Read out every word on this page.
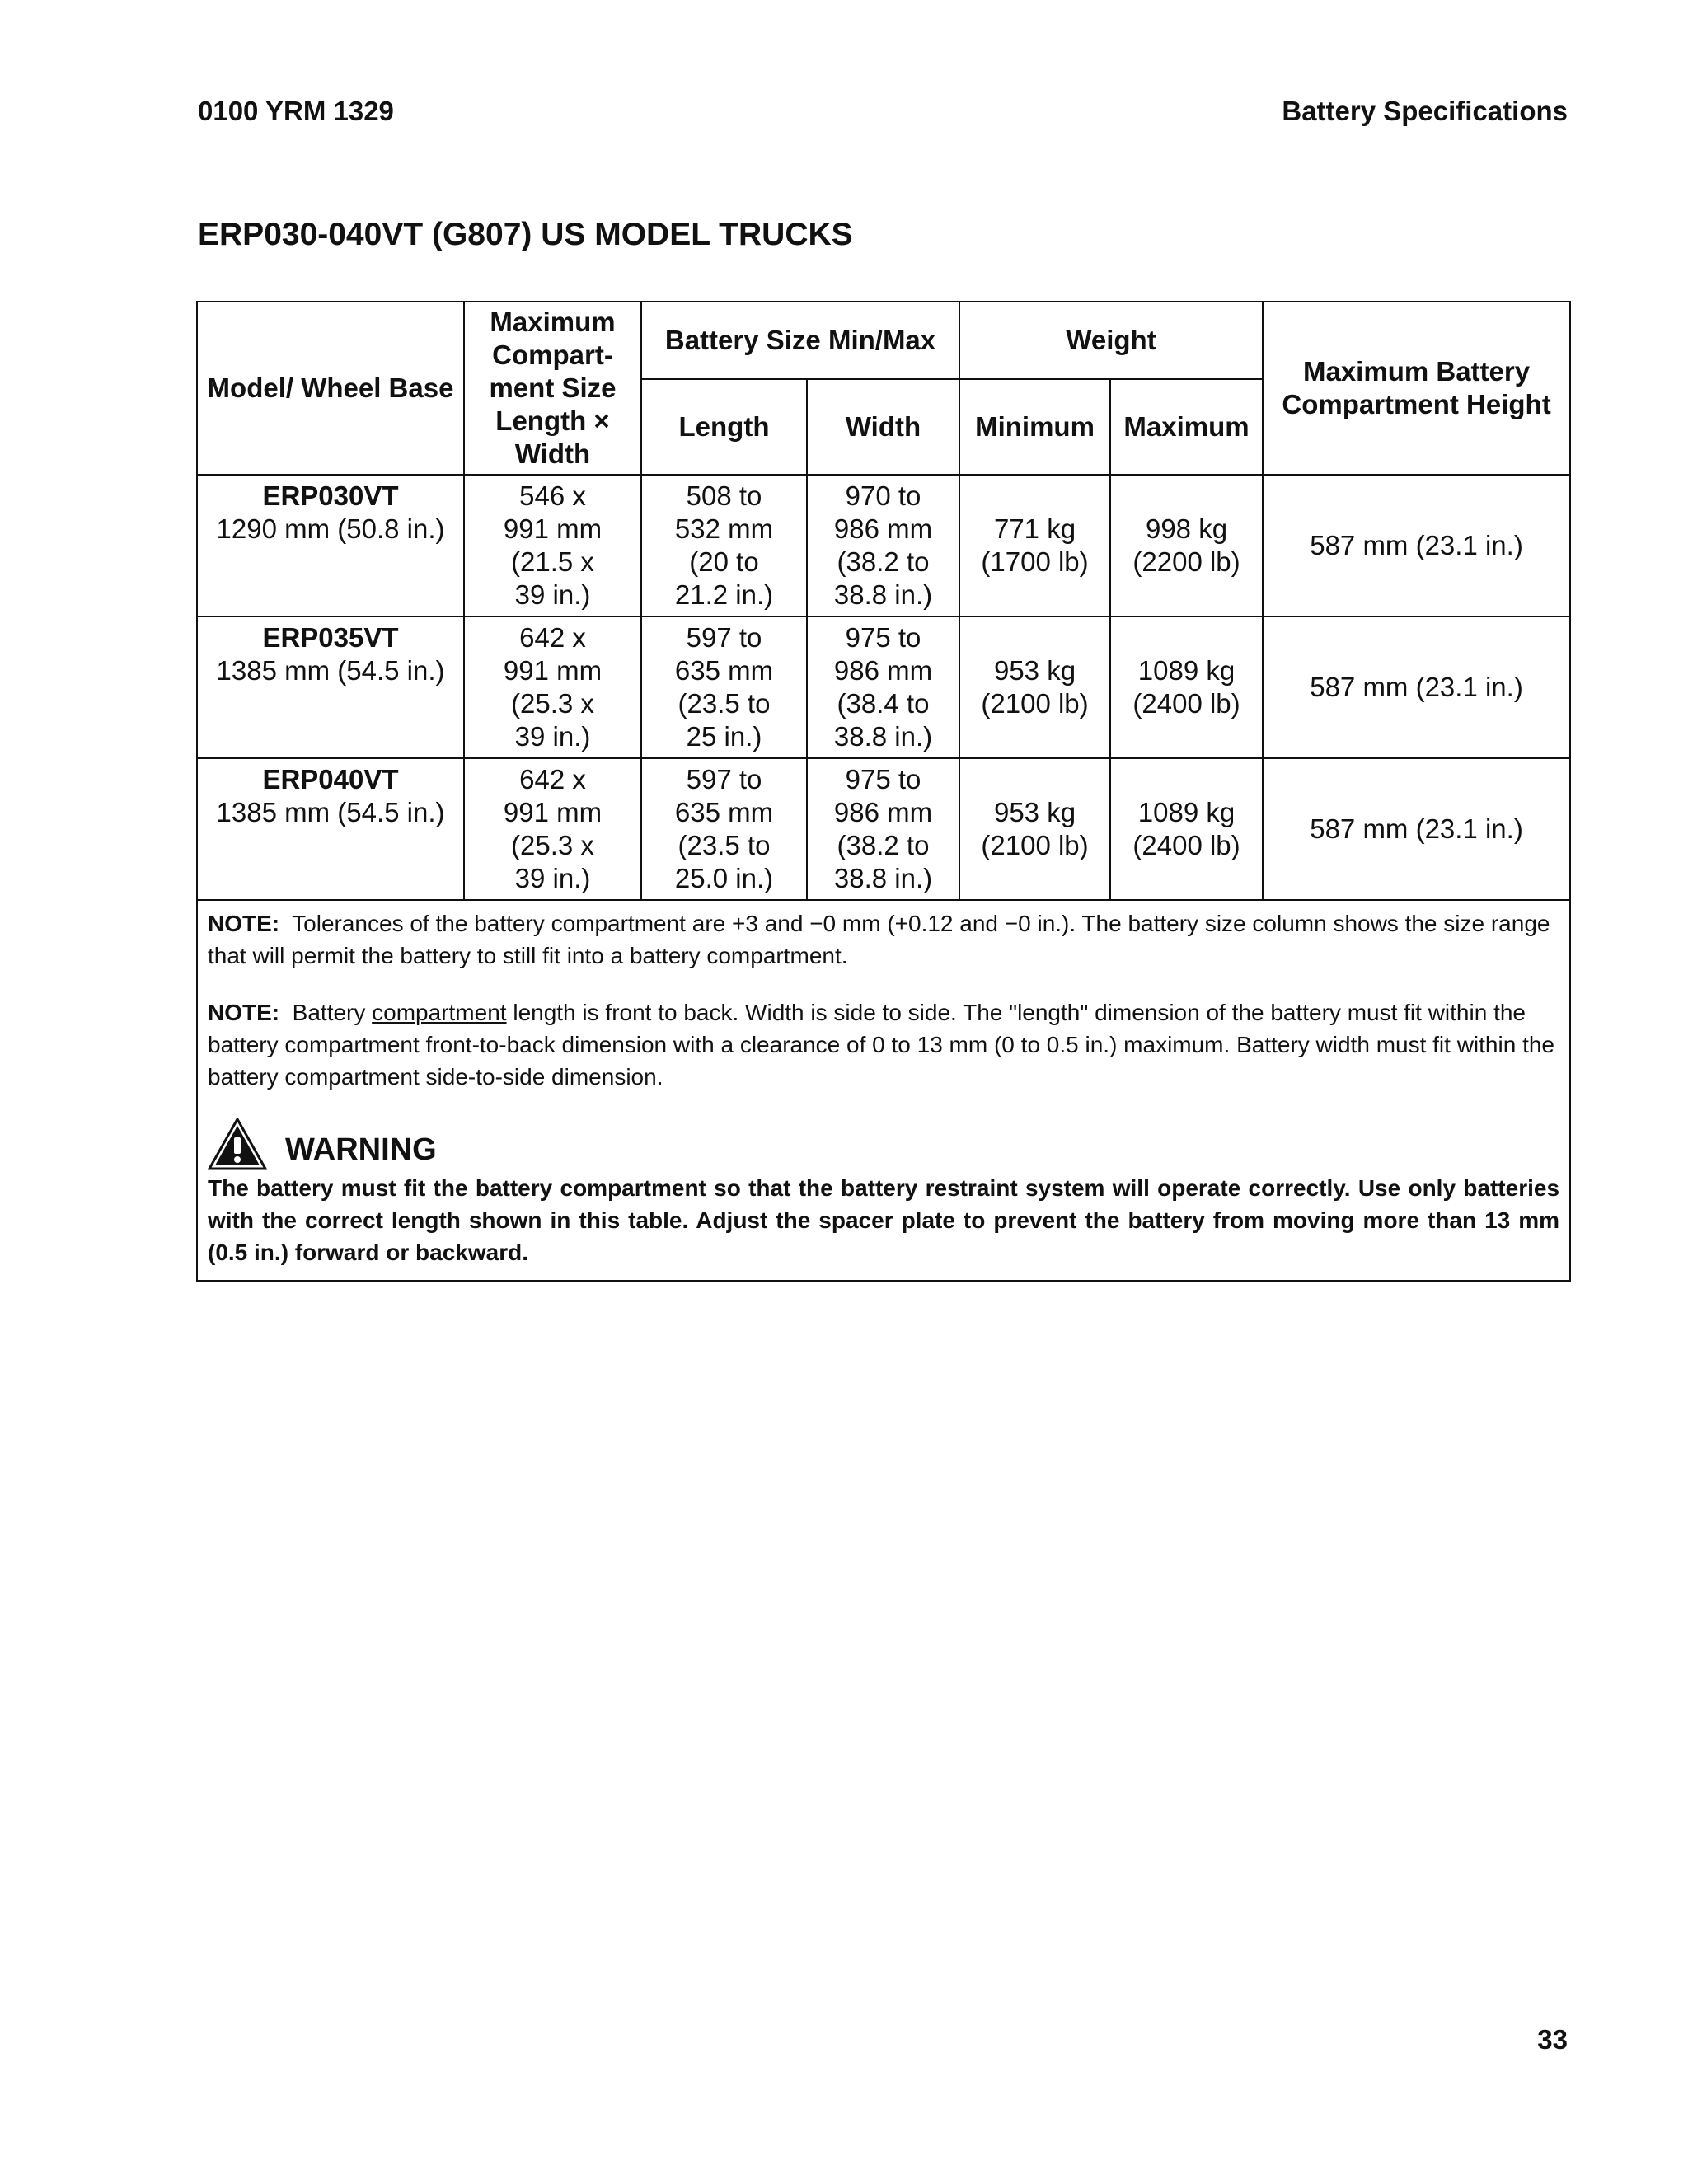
0100 YRM 1329	Battery Specifications
ERP030-040VT (G807) US MODEL TRUCKS
Model/ Wheel Base	Maximum
Compart-
ment Size
Length ×
Width	Battery Size Min/Max		Weight		Maximum Battery Compartment Height
		Length	Width	Minimum	Maximum	

ERP030VT
1290 mm (50.8 in.)	546 x
991 mm
(21.5 x
39 in.)	508 to
532 mm
(20 to
21.2 in.)	970 to
986 mm
(38.2 to
38.8 in.)	771 kg
(1700 lb)	998 kg
(2200 lb)	587 mm (23.1 in.)

ERP035VT
1385 mm (54.5 in.)	642 x
991 mm
(25.3 x
39 in.)	597 to
635 mm
(23.5 to
25 in.)	975 to
986 mm
(38.4 to
38.8 in.)	953 kg
(2100 lb)	1089 kg
(2400 lb)	587 mm (23.1 in.)

ERP040VT
1385 mm (54.5 in.)	642 x
991 mm
(25.3 x
39 in.)	597 to
635 mm
(23.5 to
25.0 in.)	975 to
986 mm
(38.2 to
38.8 in.)	953 kg
(2100 lb)	1089 kg
(2400 lb)	587 mm (23.1 in.)

NOTE: Tolerances of the battery compartment are +3 and −0 mm (+0.12 and −0 in.). The battery size column shows the size range that will permit the battery to still fit into a battery compartment.

NOTE: Battery compartment length is front to back. Width is side to side. The "length" dimension of the battery must fit within the battery compartment front-to-back dimension with a clearance of 0 to 13 mm (0 to 0.5 in.) maximum. Battery width must fit within the battery compartment side-to-side dimension.

WARNING

The battery must fit the battery compartment so that the battery restraint system will operate correctly. Use only batteries with the correct length shown in this table. Adjust the spacer plate to prevent the battery from moving more than 13 mm (0.5 in.) forward or backward.						

33
